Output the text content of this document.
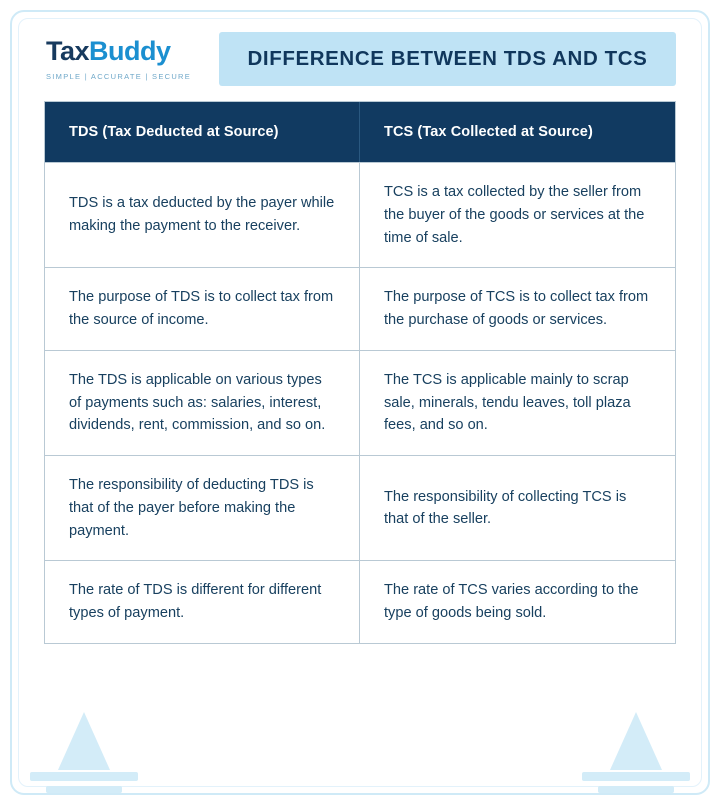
TaxBuddy
SIMPLE | ACCURATE | SECURE
DIFFERENCE BETWEEN TDS AND TCS
TDS (Tax Deducted at Source)	TCS (Tax Collected at Source)
TDS is a tax deducted by the payer while making the payment to the receiver.
TCS is a tax collected by the seller from the buyer of the goods or services at the time of sale.
The purpose of TDS is to collect tax from the source of income.
The purpose of TCS is to collect tax from the purchase of goods or services.
The TDS is applicable on various types of payments such as: salaries, interest, dividends, rent, commission, and so on.
The TCS is applicable mainly to scrap sale, minerals, tendu leaves, toll plaza fees, and so on.
The responsibility of deducting TDS is that of the payer before making the payment.
The responsibility of collecting TCS is that of the seller.
The rate of TDS is different for different types of payment.
The rate of TCS varies according to the type of goods being sold.
